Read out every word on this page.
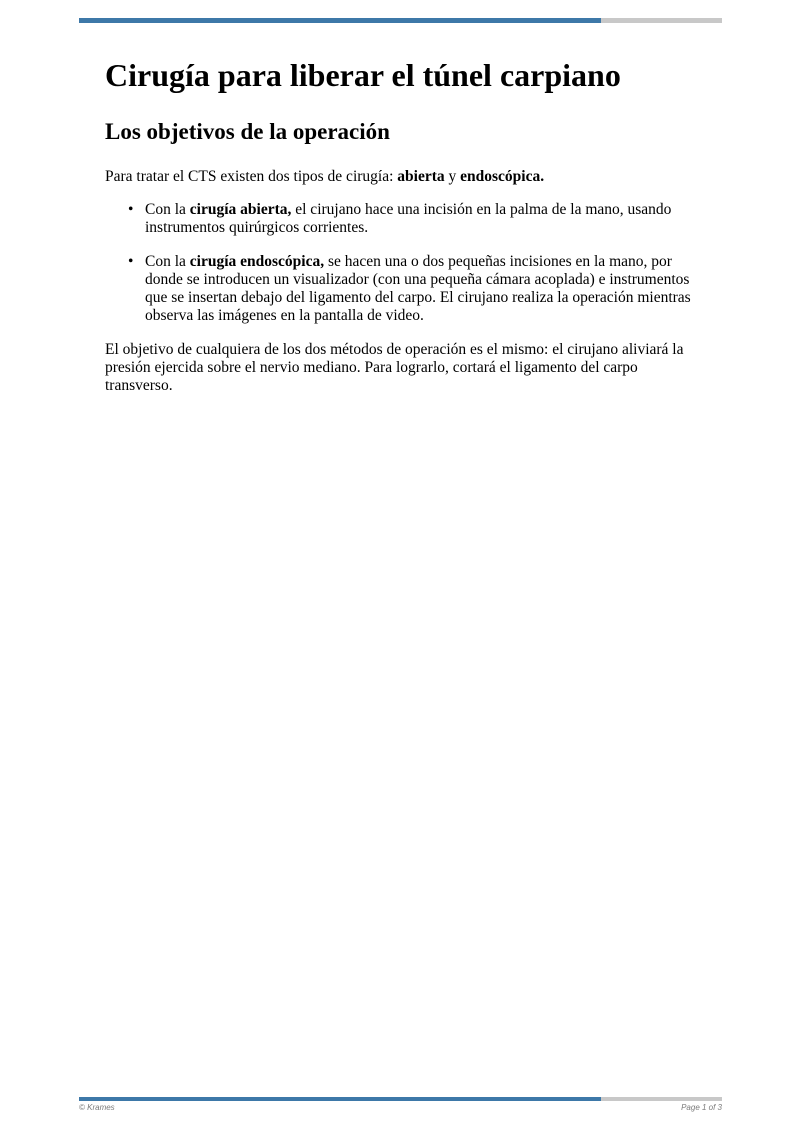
Cirugía para liberar el túnel carpiano
Los objetivos de la operación

Para tratar el CTS existen dos tipos de cirugía: abierta y endoscópica.

• Con la cirugía abierta, el cirujano hace una incisión en la palma de la mano, usando instrumentos quirúrgicos corrientes.
• Con la cirugía endoscópica, se hacen una o dos pequeñas incisiones en la mano, por donde se introducen un visualizador (con una pequeña cámara acoplada) e instrumentos que se insertan debajo del ligamento del carpo. El cirujano realiza la operación mientras observa las imágenes en la pantalla de video.

El objetivo de cualquiera de los dos métodos de operación es el mismo: el cirujano aliviará la presión ejercida sobre el nervio mediano. Para lograrlo, cortará el ligamento del carpo transverso.

© Krames	Page 1 of 3
